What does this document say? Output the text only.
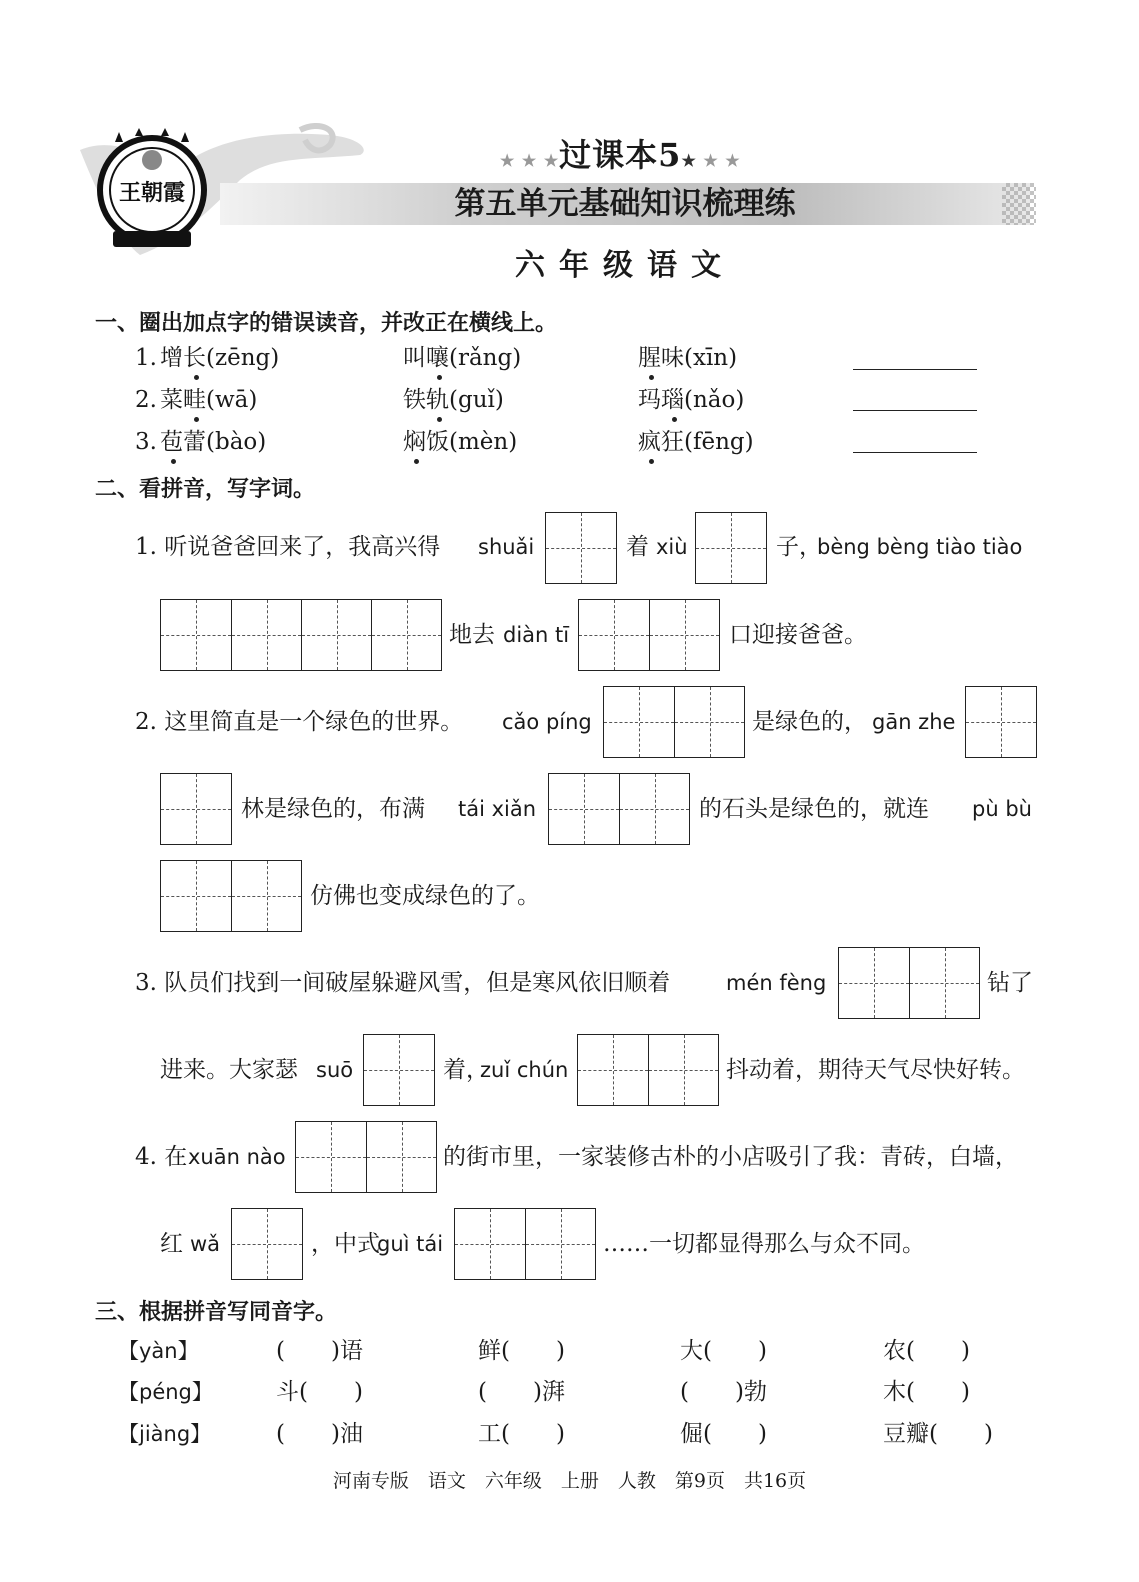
王朝霞
★ ★ ★过课本5★ ★ ★
第五单元基础知识梳理练
六年级语文
一、圈出加点字的错误读音，并改正在横线上。
1. 增长(zēng)	叫嚷(rǎng)	腥味(xīn)
2. 菜畦(wā)	铁轨(guǐ)	玛瑙(nǎo)
3. 苞蕾(bào)	焖饭(mèn)	疯狂(fēng)
二、看拼音，写字词。
1. 听说爸爸回来了，我高兴得 shuǎi	着 xiù	子，
bèng bèng tiào tiào
地去 diàn tī	口迎接爸爸。
2. 这里简直是一个绿色的世界。 cǎo píng	是绿色的， gān zhe
林是绿色的，布满 tái xiǎn	的石头是绿色的，就连 pù bù
仿佛也变成绿色的了。
3. 队员们找到一间破屋躲避风雪，但是寒风依旧顺着	mén fèng	钻了
进来。大家瑟 suō	着，
zuǐ chún	抖动着，期待天气尽快好转。
4. 在 xuān nào	的街市里，一家装修古朴的小店吸引了我：青砖，白墙，
红 wǎ	，中式
guì tái	……一切都显得那么与众不同。
三、根据拼音写同音字。
【yàn】	(　　)语	鲜(　　)	大(　　)	农(　　)
【péng】	斗(　　)	(　　)湃	(　　)勃	木(　　)
【jiàng】	(　　)油	工(　　)	倔(　　)	豆瓣(　　)
河南专版　语文　六年级　上册　人教　第9页　共16页
